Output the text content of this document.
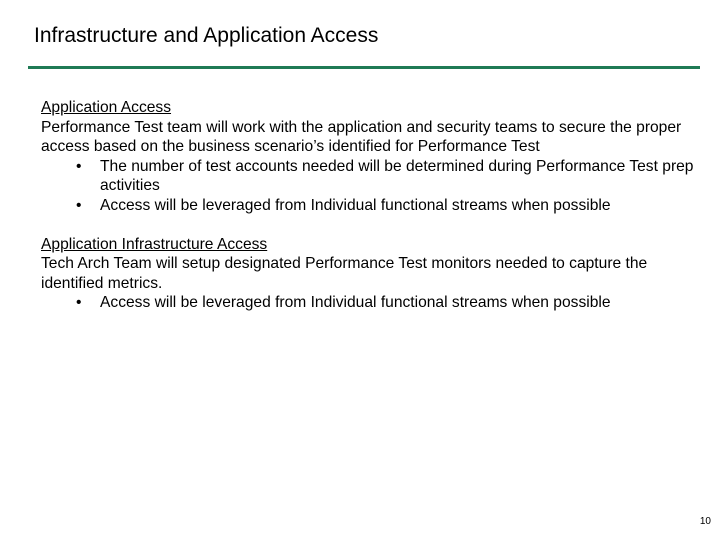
Infrastructure and Application Access
Application Access
Performance Test team will work with the application and security teams to secure the proper access based on the business scenario’s identified for Performance Test
• The number of test accounts needed will be determined during Performance Test prep activities
• Access will be leveraged from Individual functional streams when possible
Application Infrastructure Access
Tech Arch Team will setup designated Performance Test monitors needed to capture the identified metrics.
• Access will be leveraged from Individual functional streams when possible
10
